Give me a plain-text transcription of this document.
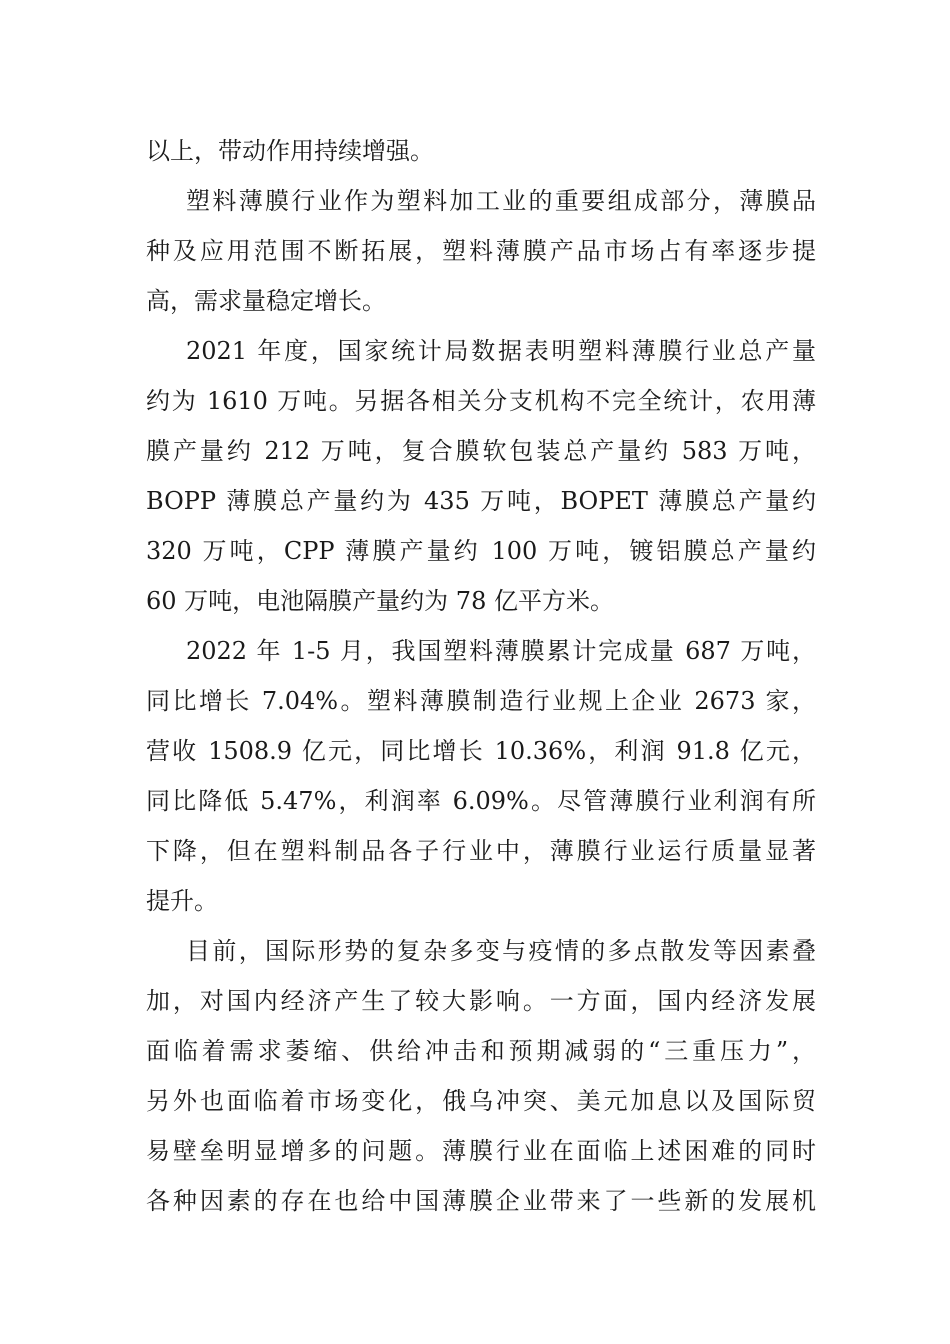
以上，带动作用持续增强。
塑料薄膜行业作为塑料加工业的重要组成部分，薄膜品
种及应用范围不断拓展，塑料薄膜产品市场占有率逐步提
高，需求量稳定增长。
2021 年度，国家统计局数据表明塑料薄膜行业总产量
约为 1610 万吨。另据各相关分支机构不完全统计，农用薄
膜产量约 212 万吨，复合膜软包装总产量约 583 万吨，
BOPP 薄膜总产量约为 435 万吨，BOPET 薄膜总产量约
320 万吨，CPP 薄膜产量约 100 万吨，镀铝膜总产量约
60 万吨，电池隔膜产量约为 78 亿平方米。
2022 年 1-5 月，我国塑料薄膜累计完成量 687 万吨，
同比增长 7.04%。塑料薄膜制造行业规上企业 2673 家，
营收 1508.9 亿元，同比增长 10.36%，利润 91.8 亿元，
同比降低 5.47%，利润率 6.09%。尽管薄膜行业利润有所
下降，但在塑料制品各子行业中，薄膜行业运行质量显著
提升。
目前，国际形势的复杂多变与疫情的多点散发等因素叠
加，对国内经济产生了较大影响。一方面，国内经济发展
面临着需求萎缩、供给冲击和预期减弱的“三重压力”，
另外也面临着市场变化，俄乌冲突、美元加息以及国际贸
易壁垒明显增多的问题。薄膜行业在面临上述困难的同时
各种因素的存在也给中国薄膜企业带来了一些新的发展机
